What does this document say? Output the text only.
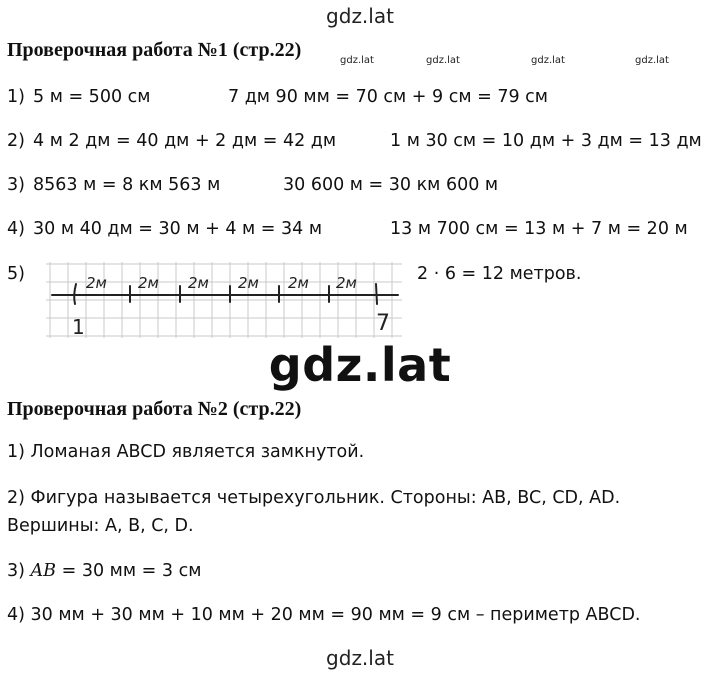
gdz.lat
gdz.lat	gdz.lat	gdz.lat	gdz.lat
Проверочная работа №1 (стр.22)
1) 5 м = 500 см	7 дм 90 мм = 70 см + 9 см = 79 см
2) 4 м 2 дм = 40 дм + 2 дм = 42 дм	1 м 30 см = 10 дм + 3 дм = 13 дм
3) 8563 м = 8 км 563 м	30 600 м = 30 км 600 м
4) 30 м 40 дм = 30 м + 4 м = 34 м	13 м 700 см = 13 м + 7 м = 20 м
5)	2м 2м 2м 2м 2м 2м
1	7
2 · 6 = 12 метров.
gdz.lat
Проверочная работа №2 (стр.22)
1) Ломаная ABCD является замкнутой.
2) Фигура называется четырехугольник. Стороны: AB, BC, CD, AD.
Вершины: A, B, C, D.
3) AB = 30 мм = 3 см
4) 30 мм + 30 мм + 10 мм + 20 мм = 90 мм = 9 см – периметр ABCD.
gdz.lat
